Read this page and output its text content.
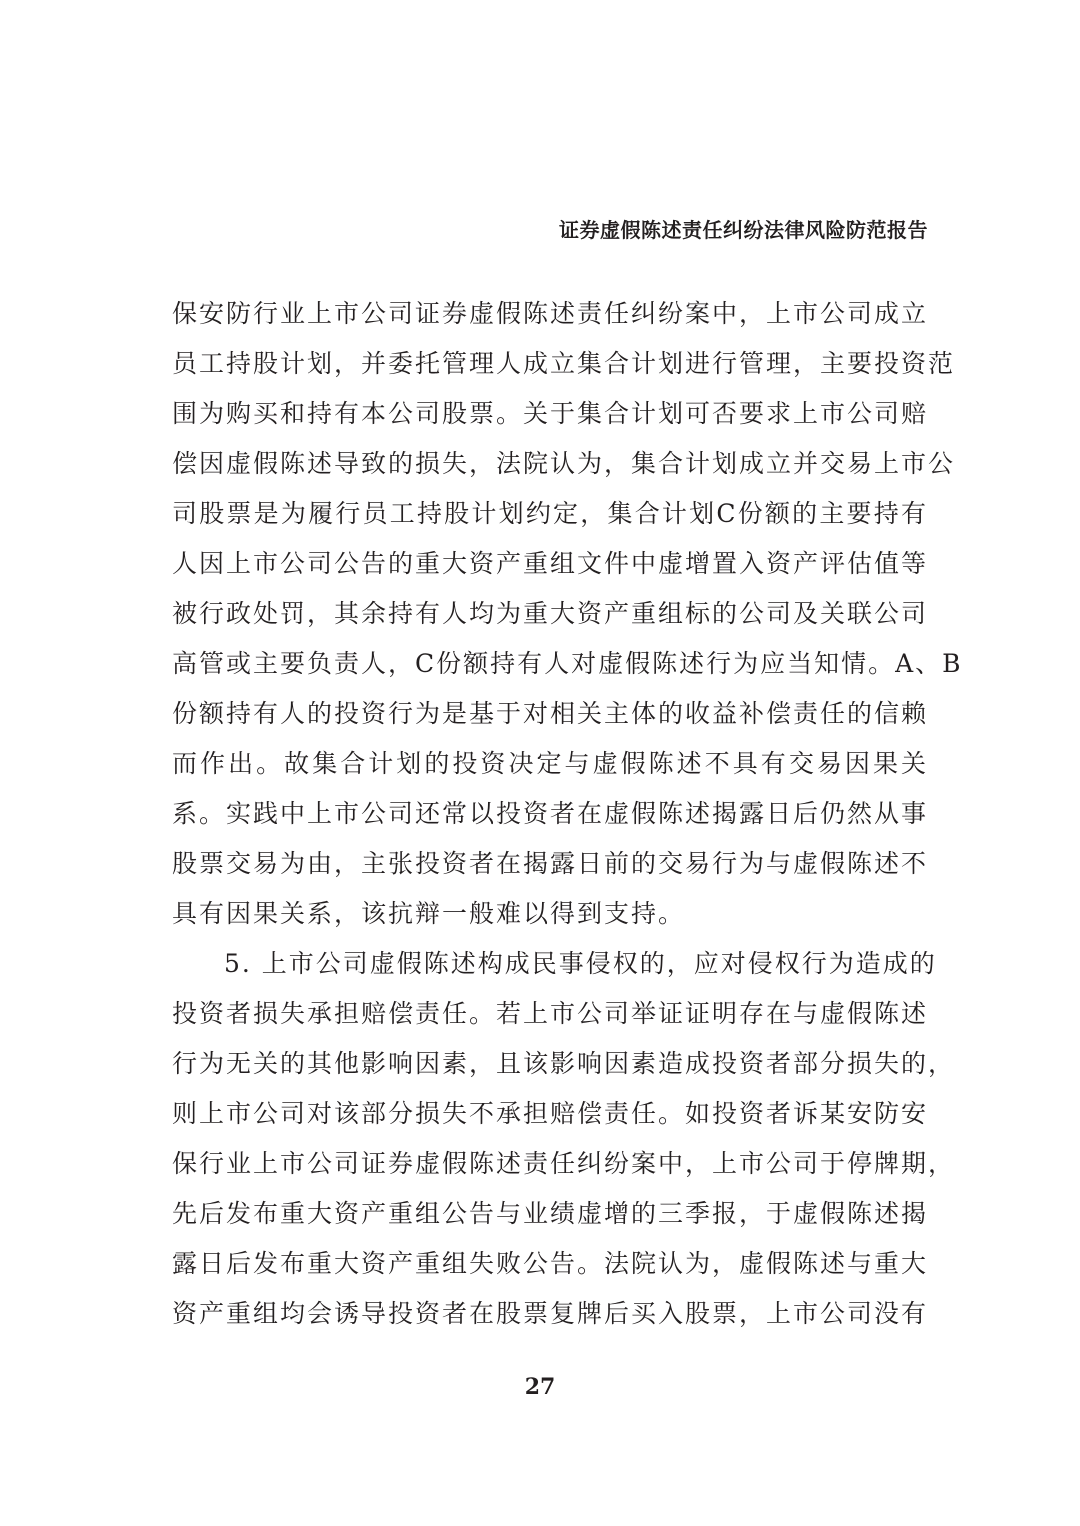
证券虚假陈述责任纠纷法律风险防范报告
保安防行业上市公司证券虚假陈述责任纠纷案中，上市公司成立
员工持股计划，并委托管理人成立集合计划进行管理，主要投资范
围为购买和持有本公司股票。关于集合计划可否要求上市公司赔
偿因虚假陈述导致的损失，法院认为，集合计划成立并交易上市公
司股票是为履行员工持股计划约定，集合计划C份额的主要持有
人因上市公司公告的重大资产重组文件中虚增置入资产评估值等
被行政处罚，其余持有人均为重大资产重组标的公司及关联公司
高管或主要负责人，C份额持有人对虚假陈述行为应当知情。A、B
份额持有人的投资行为是基于对相关主体的收益补偿责任的信赖
而作出。故集合计划的投资决定与虚假陈述不具有交易因果关
系。实践中上市公司还常以投资者在虚假陈述揭露日后仍然从事
股票交易为由，主张投资者在揭露日前的交易行为与虚假陈述不
具有因果关系，该抗辩一般难以得到支持。
5. 上市公司虚假陈述构成民事侵权的，应对侵权行为造成的
投资者损失承担赔偿责任。若上市公司举证证明存在与虚假陈述
行为无关的其他影响因素，且该影响因素造成投资者部分损失的，
则上市公司对该部分损失不承担赔偿责任。如投资者诉某安防安
保行业上市公司证券虚假陈述责任纠纷案中，上市公司于停牌期，
先后发布重大资产重组公告与业绩虚增的三季报，于虚假陈述揭
露日后发布重大资产重组失败公告。法院认为，虚假陈述与重大
资产重组均会诱导投资者在股票复牌后买入股票，上市公司没有
27
